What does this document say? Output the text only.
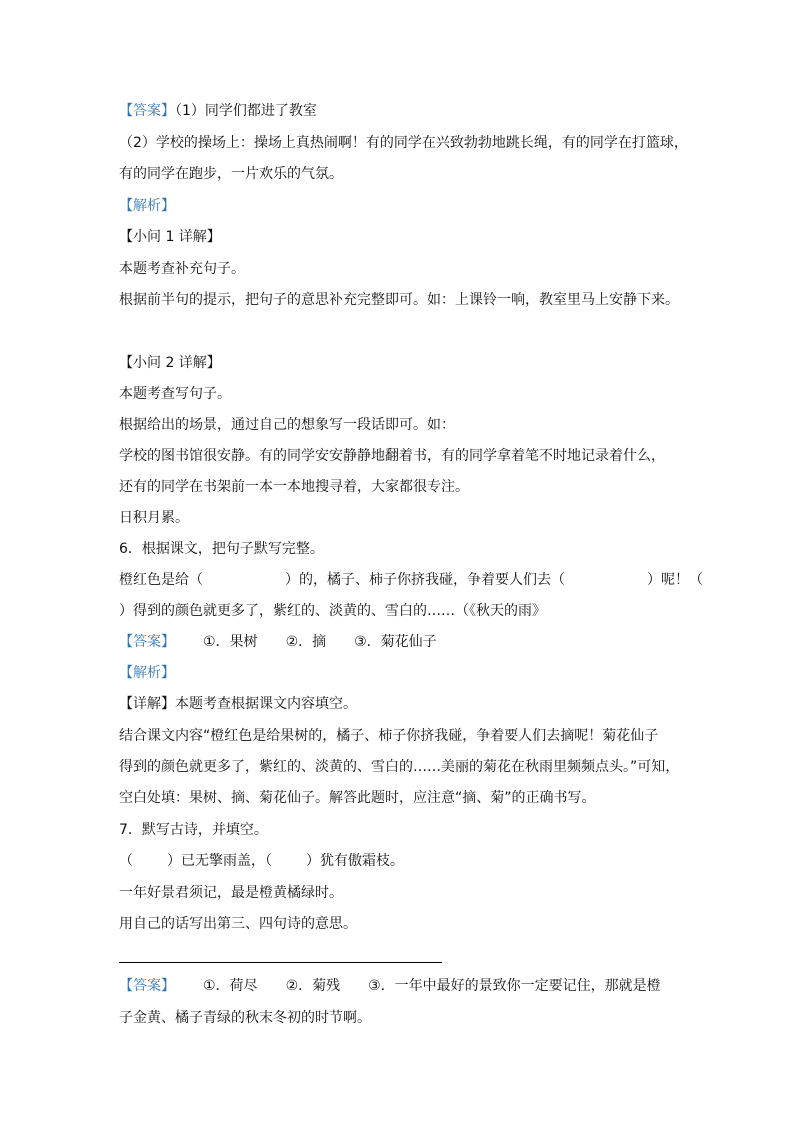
【答案】（1）同学们都进了教室
（2）学校的操场上：操场上真热闹啊！有的同学在兴致勃勃地跳长绳，有的同学在打篮球，
有的同学在跑步，一片欢乐的气氛。
【解析】
【小问 1 详解】
本题考查补充句子。
根据前半句的提示，把句子的意思补充完整即可。如：上课铃一响，教室里马上安静下来。
【小问 2 详解】
本题考查写句子。
根据给出的场景，通过自己的想象写一段话即可。如：
学校的图书馆很安静。有的同学安安静静地翻着书，有的同学拿着笔不时地记录着什么，
还有的同学在书架前一本一本地搜寻着，大家都很专注。
日积月累。
6．根据课文，把句子默写完整。
橙红色是给（	）的，橘子、柿子你挤我碰，争着要人们去（	）呢！（
）得到的颜色就更多了，紫红的、淡黄的、雪白的……（《秋天的雨》
【答案】 ①．果树 ②．摘 ③．菊花仙子
【解析】
【详解】本题考查根据课文内容填空。
结合课文内容“橙红色是给果树的，橘子、柿子你挤我碰，争着要人们去摘呢！菊花仙子
得到的颜色就更多了，紫红的、淡黄的、雪白的……美丽的菊花在秋雨里频频点头。”可知，
空白处填：果树、摘、菊花仙子。解答此题时，应注意“摘、菊”的正确书写。
7．默写古诗，并填空。
（ ）已无擎雨盖，（ ）犹有傲霜枝。
一年好景君须记，最是橙黄橘绿时。
用自己的话写出第三、四句诗的意思。
【答案】 ①．荷尽 ②．菊残 ③．一年中最好的景致你一定要记住，那就是橙
子金黄、橘子青绿的秋末冬初的时节啊。
